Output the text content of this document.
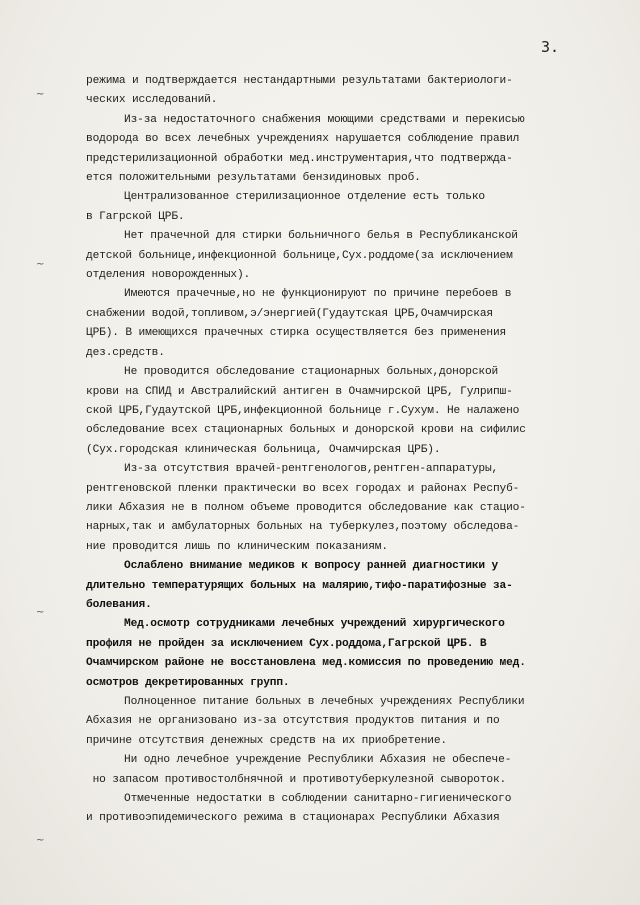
~
~
~
~
3.
режима и подтверждается нестандартными результатами бактериологи-
ческих исследований.
Из-за недостаточного снабжения моющими средствами и перекисью
водорода во всех лечебных учреждениях нарушается соблюдение правил
предстерилизационной обработки мед.инструментария,что подтвержда-
ется положительными результатами бензидиновых проб.
Централизованное стерилизационное отделение есть только
в Гагрской ЦРБ.
Нет прачечной для стирки больничного белья в Республиканской
детской больнице,инфекционной больнице,Сух.роддоме(за исключением
отделения новорожденных).
Имеются прачечные,но не функционируют по причине перебоев в
снабжении водой,топливом,э/энергией(Гудаутская ЦРБ,Очамчирская
ЦРБ). В имеющихся прачечных стирка осуществляется без применения
дез.средств.
Не проводится обследование стационарных больных,донорской
крови на СПИД и Австралийский антиген в Очамчирской ЦРБ, Гулрипш-
ской ЦРБ,Гудаутской ЦРБ,инфекционной больнице г.Сухум. Не налажено
обследование всех стационарных больных и донорской крови на сифилис
(Сух.городская клиническая больница, Очамчирская ЦРБ).
Из-за отсутствия врачей-рентгенологов,рентген-аппаратуры,
рентгеновской пленки практически во всех городах и районах Респуб-
лики Абхазия не в полном объеме проводится обследование как стацио-
нарных,так и амбулаторных больных на туберкулез,поэтому обследова-
ние проводится лишь по клиническим показаниям.
Ослаблено внимание медиков к вопросу ранней диагностики у
длительно температурящих больных на малярию,тифо-паратифозные за-
болевания.
Мед.осмотр сотрудниками лечебных учреждений хирургического
профиля не пройден за исключением Сух.роддома,Гагрской ЦРБ. В
Очамчирском районе не восстановлена мед.комиссия по проведению мед.
осмотров декретированных групп.
Полноценное питание больных в лечебных учреждениях Республики
Абхазия не организовано из-за отсутствия продуктов питания и по
причине отсутствия денежных средств на их приобретение.
Ни одно лечебное учреждение Республики Абхазия не обеспече-
но запасом противостолбнячной и противотуберкулезной сывороток.
Отмеченные недостатки в соблюдении санитарно-гигиенического
и противоэпидемического режима в стационарах Республики Абхазия
